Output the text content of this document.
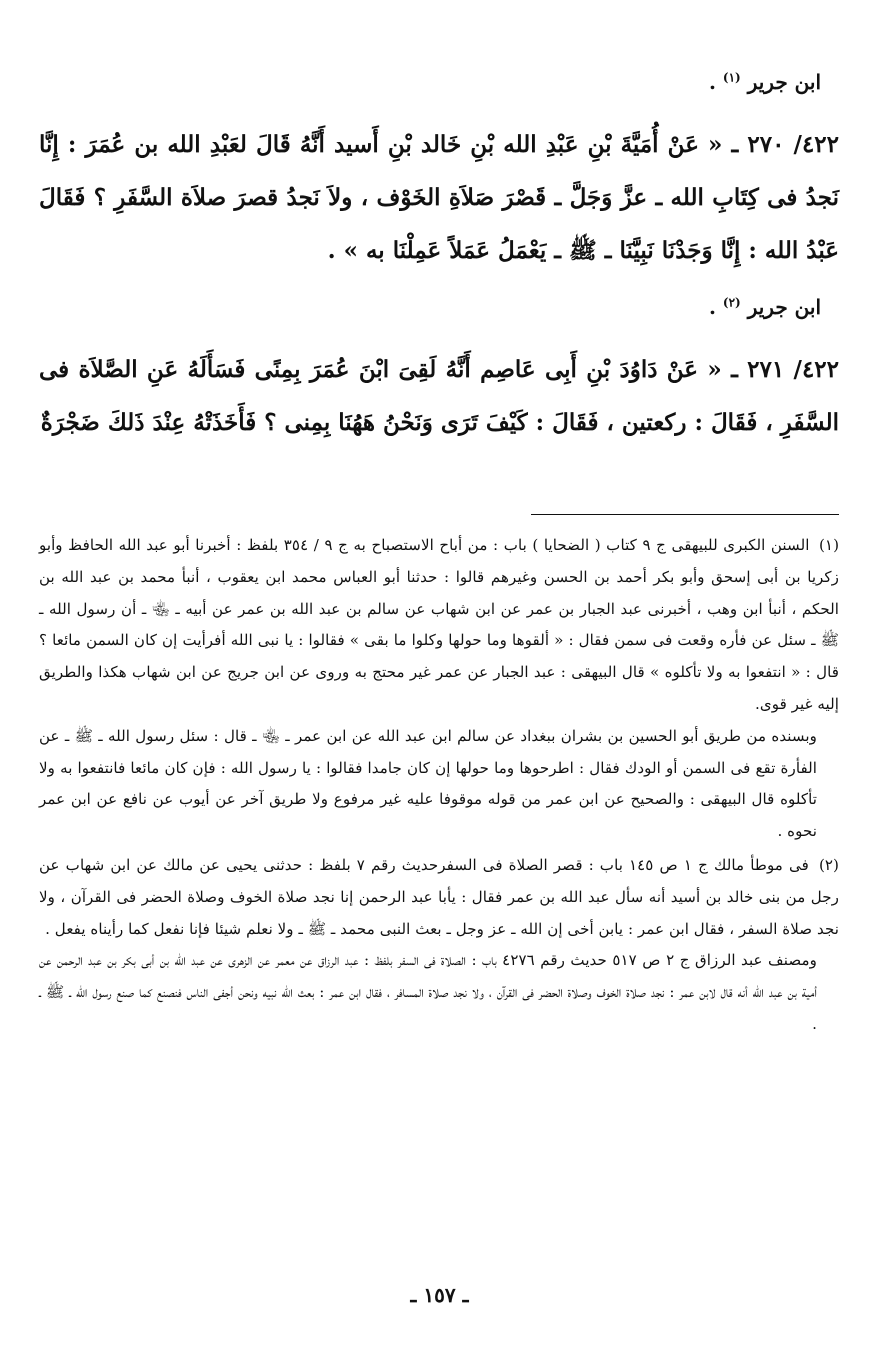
ابن جرير $^{(١)}$ .

٤٢٢/ ٢٧٠ ـ « عَنْ أُمَيَّةَ بْنِ عَبْدِ الله بْنِ خَالد بْنِ أَسيد أَنَّهُ قَالَ لعَبْدِ الله بن عُمَرَ : إِنَّا نَجدُ فى كِتَابِ الله ـ عزَّ وَجَلَّ ـ قَصْرَ صَلاَةِ الخَوْف ، ولاَ نَجدُ قصرَ صلاَة السَّفَرِ ؟ فَقَالَ عَبْدُ الله : إِنَّا وَجَدْنَا نَبِيَّنَا ـ ﷺ ـ يَعْمَلُ عَمَلاً عَمِلْنَا به » .

ابن جرير $^{(٢)}$ .

٤٢٢/ ٢٧١ ـ « عَنْ دَاوُدَ بْنِ أَبِى عَاصِم أَنَّهُ لَقِىَ ابْنَ عُمَرَ بِمِنًى فَسَأَلَهُ عَنِ الصَّلاَة فى السَّفَرِ ، فَقَالَ : ركعتين ، فَقَالَ : كَيْفَ تَرَى وَنَحْنُ هَهُنَا بِمِنى ؟ فَأَخَذَتْهُ عِنْدَ ذَلكَ ضَجْرَةٌ

(١) السنن الكبرى للبيهقى ج ٩ كتاب ( الضحايا ) باب : من أباح الاستصباح به ج ٩ / ٣٥٤ بلفظ : أخبرنا أبو عبد الله الحافظ وأبو زكريا بن أبى إسحق وأبو بكر أحمد بن الحسن وغيرهم قالوا : حدثنا أبو العباس محمد ابن يعقوب ، أنبأ محمد بن عبد الله بن الحكم ، أنبأ ابن وهب ، أخبرنى عبد الجبار بن عمر عن ابن شهاب عن سالم بن عبد الله بن عمر عن أبيه ـ ﵄ ـ أن رسول الله ـ ﷺ ـ سئل عن فأره وقعت فى سمن فقال : « ألقوها وما حولها وكلوا ما بقى » فقالوا : يا نبى الله أفرأيت إن كان السمن مائعا ؟ قال : « انتفعوا به ولا تأكلوه » قال البيهقى : عبد الجبار عن عمر غير محتج به وروى عن ابن جريج عن ابن شهاب هكذا والطريق إليه غير قوى.

وبسنده من طريق أبو الحسين بن بشران ببغداد عن سالم ابن عبد الله عن ابن عمر ـ ﵄ ـ قال : سئل رسول الله ـ ﷺ ـ عن الفأرة تقع فى السمن أو الودك فقال : اطرحوها وما حولها إن كان جامدا فقالوا : يا رسول الله : فإن كان مائعا فانتفعوا به ولا تأكلوه قال البيهقى : والصحيح عن ابن عمر من قوله موقوفا عليه غير مرفوع ولا طريق آخر عن أيوب عن نافع عن ابن عمر نحوه .

(٢) فى موطأ مالك ج ١ ص ١٤٥ باب : قصر الصلاة فى السفرحديث رقم ٧ بلفظ : حدثنى يحيى عن مالك عن ابن شهاب عن رجل من بنى خالد بن أسيد أنه سأل عبد الله بن عمر فقال : يأبا عبد الرحمن إنا نجد صلاة الخوف وصلاة الحضر فى القرآن ، ولا نجد صلاة السفر ، فقال ابن عمر : يابن أخى إن الله ـ عز وجل ـ بعث النبى محمد ـ ﷺ ـ ولا نعلم شيئا فإنا نفعل كما رأيناه يفعل .

ومصنف عبد الرزاق ج ٢ ص ٥١٧ حديث رقم ٤٢٧٦ باب : الصلاة فى السفر بلفظ : عبد الرزاق عن معمر عن الزهرى عن عبد الله بن أبى بكر بن عبد الرحمن عن أمية بن عبد الله أنه قال لابن عمر : نجد صلاة الخوف وصلاة الحضر فى القرآن ، ولا نجد صلاة المسافر ، فقال ابن عمر : بعث الله نبيه ونحن أجفى الناس فنصنع كما صنع رسول الله ـ ﷺ ـ .

ـ ١٥٧ ـ
